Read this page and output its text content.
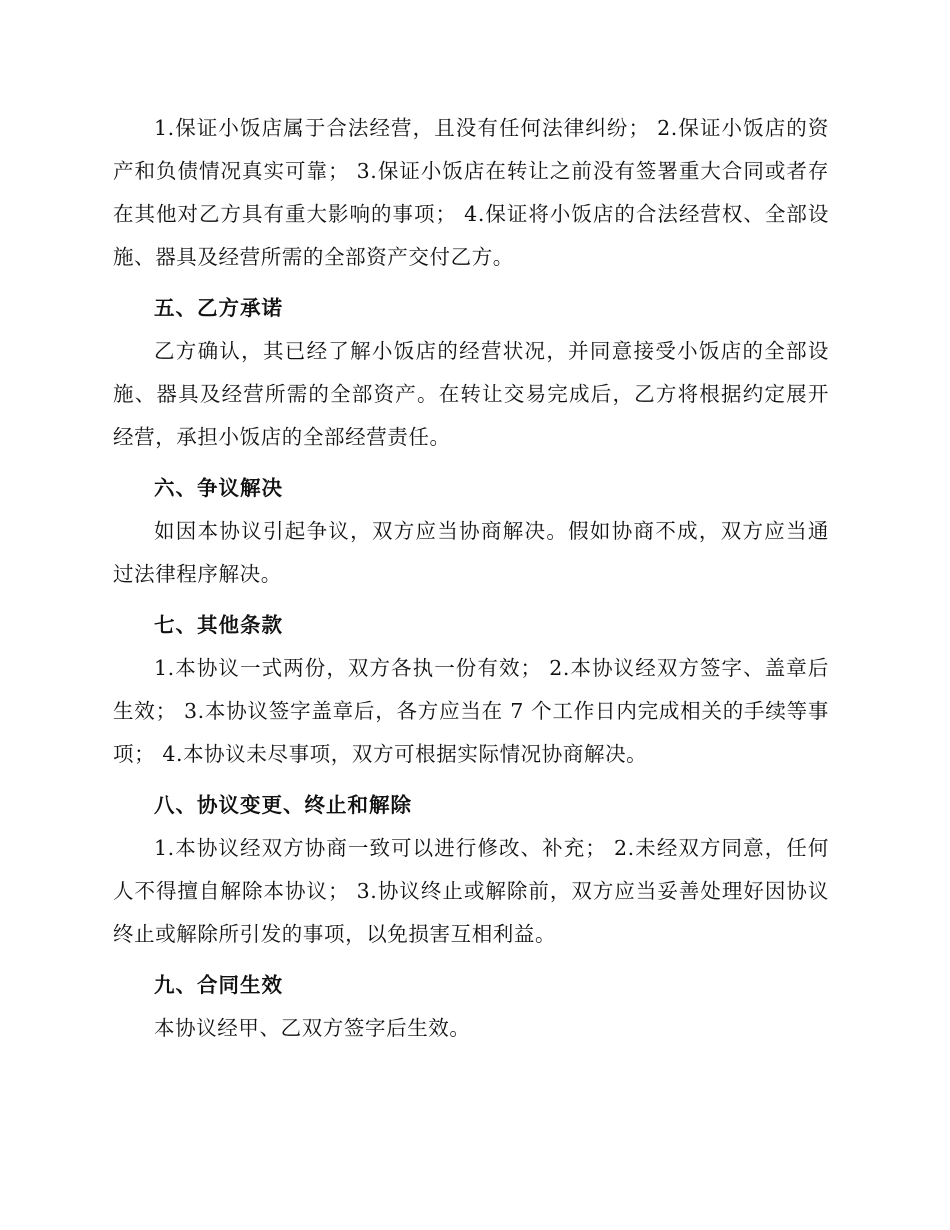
1.保证小饭店属于合法经营，且没有任何法律纠纷； 2.保证小饭店的资产和负债情况真实可靠； 3.保证小饭店在转让之前没有签署重大合同或者存在其他对乙方具有重大影响的事项； 4.保证将小饭店的合法经营权、全部设施、器具及经营所需的全部资产交付乙方。

五、乙方承诺

乙方确认，其已经了解小饭店的经营状况，并同意接受小饭店的全部设施、器具及经营所需的全部资产。在转让交易完成后，乙方将根据约定展开经营，承担小饭店的全部经营责任。

六、争议解决

如因本协议引起争议，双方应当协商解决。假如协商不成，双方应当通过法律程序解决。

七、其他条款

1.本协议一式两份，双方各执一份有效； 2.本协议经双方签字、盖章后生效； 3.本协议签字盖章后，各方应当在 7 个工作日内完成相关的手续等事项； 4.本协议未尽事项，双方可根据实际情况协商解决。

八、协议变更、终止和解除

1.本协议经双方协商一致可以进行修改、补充； 2.未经双方同意，任何人不得擅自解除本协议； 3.协议终止或解除前，双方应当妥善处理好因协议终止或解除所引发的事项，以免损害互相利益。

九、合同生效

本协议经甲、乙双方签字后生效。
